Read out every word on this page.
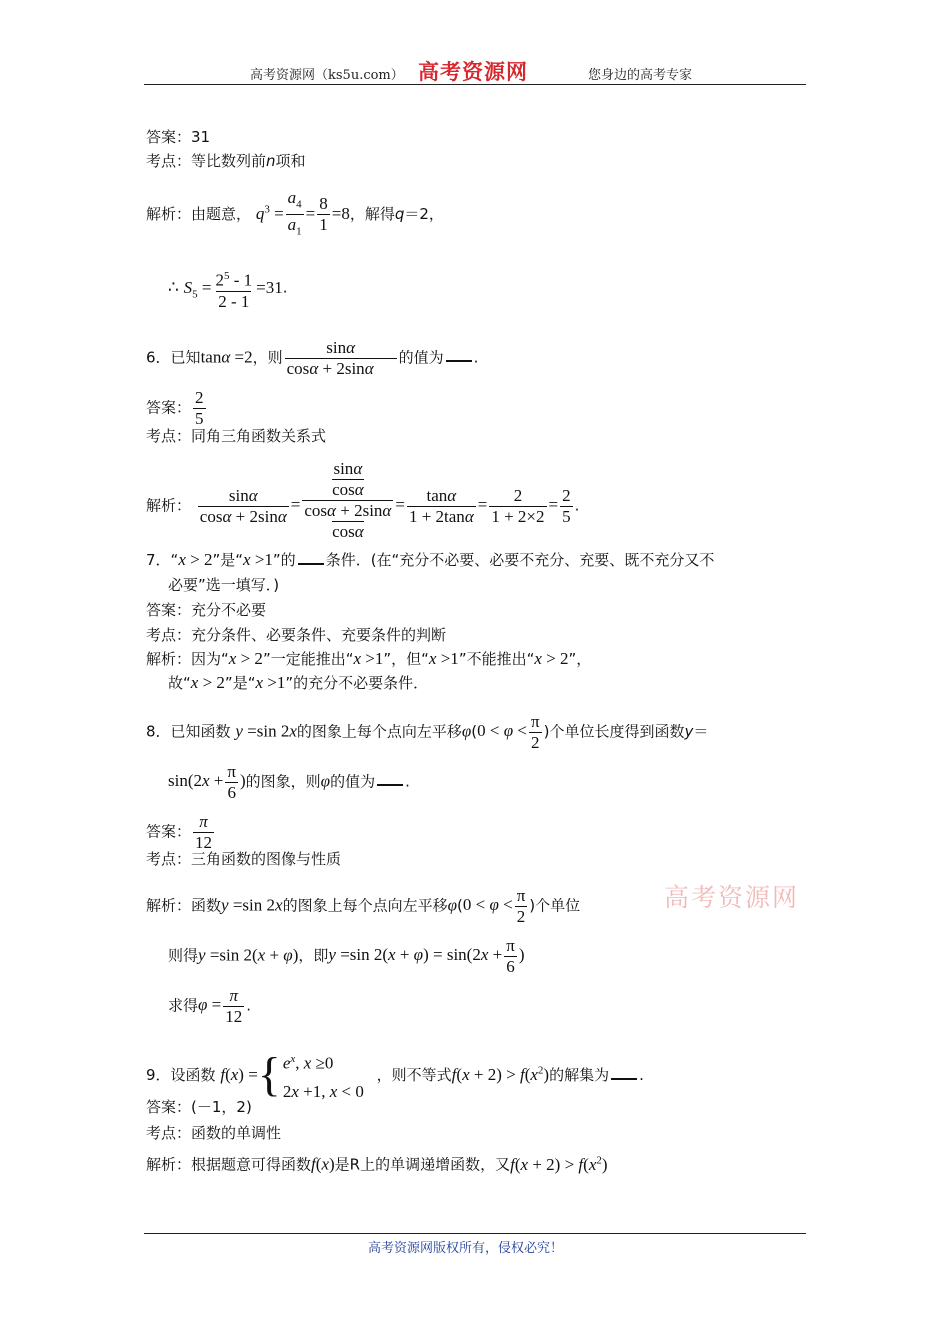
高考资源网（ks5u.com） 高考资源网	您身边的高考专家
答案：31
考点：等比数列前n项和
解析：由题意， $q^3 = \frac{a_4}{a_1} = \frac{8}{1} =8$，解得q＝2，
∴ $S_5 = \frac{2^5 - 1}{2 - 1} =31$.
6．已知tanα =2，则 $\frac{\sin\alpha}{\cos\alpha + 2\sin\alpha}$ 的值为 .
答案： $\frac{2}{5}$
考点：同角三角函数关系式
解析： $\frac{\sin\alpha}{\cos\alpha + 2\sin\alpha}$ =
sinα
cosα
cosα + 2sinα
cosα
= $\frac{\tan\alpha}{1 + 2\tan\alpha} = \frac{2}{1 + 2\times 2} = \frac{2}{5}$ .
7．“x > 2”是“x >1”的 条件．(在“充分不必要、必要不充分、充要、既不充分又不
必要”选一填写．)
答案：充分不必要
考点：充分条件、必要条件、充要条件的判断
解析：因为“x > 2”一定能推出“x >1”，但“x >1”不能推出“x > 2”，
故“x > 2”是“x >1”的充分不必要条件．
8．已知函数 y =sin 2x的图象上每个点向左平移$\varphi(0 < \varphi < \frac{\pi}{2}$ )个单位长度得到函数y＝
$\sin(2x + \frac{\pi}{6}$ )的图象，则φ的值为 .
答案： $\frac{\pi}{12}$
考点：三角函数的图像与性质
解析：函数y =sin 2x的图象上每个点向左平移$\varphi(0 < \varphi < \frac{\pi}{2}$ )个单位	高考资源网
则得y =sin 2(x + φ)，即y =sin $2(x + \varphi) = \sin(2x + \frac{\pi}{6}$ )
求得$\varphi = \frac{\pi}{12}$ .
9．设函数 f(x) = { $e^x$, x ≥0
2x +1, x < 0
，则不等式$f(x + 2) > f(x^2)$的解集为 .
答案：(－1，2)
考点：函数的单调性
解析：根据题意可得函数f(x)是R上的单调递增函数，又$f(x + 2) > f(x^2)$
高考资源网版权所有，侵权必究！
